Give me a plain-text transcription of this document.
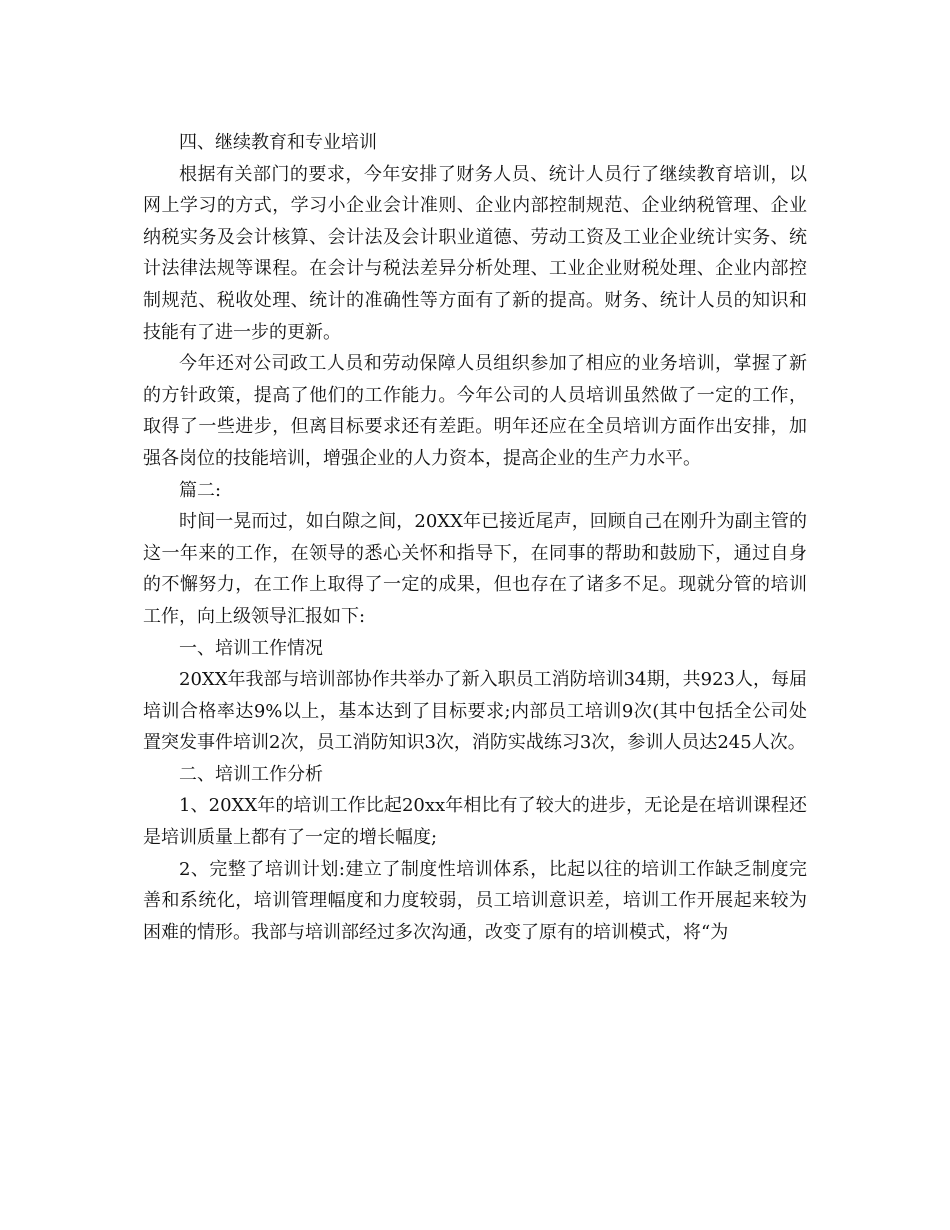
四、继续教育和专业培训

根据有关部门的要求，今年安排了财务人员、统计人员行了继续教育培训，以网上学习的方式，学习小企业会计准则、企业内部控制规范、企业纳税管理、企业纳税实务及会计核算、会计法及会计职业道德、劳动工资及工业企业统计实务、统计法律法规等课程。在会计与税法差异分析处理、工业企业财税处理、企业内部控制规范、税收处理、统计的准确性等方面有了新的提高。财务、统计人员的知识和技能有了进一步的更新。

今年还对公司政工人员和劳动保障人员组织参加了相应的业务培训，掌握了新的方针政策，提高了他们的工作能力。今年公司的人员培训虽然做了一定的工作，取得了一些进步，但离目标要求还有差距。明年还应在全员培训方面作出安排，加强各岗位的技能培训，增强企业的人力资本，提高企业的生产力水平。

篇二:

时间一晃而过，如白隙之间，20XX年已接近尾声，回顾自己在刚升为副主管的这一年来的工作，在领导的悉心关怀和指导下，在同事的帮助和鼓励下，通过自身的不懈努力，在工作上取得了一定的成果，但也存在了诸多不足。现就分管的培训工作，向上级领导汇报如下:

一、培训工作情况

20XX年我部与培训部协作共举办了新入职员工消防培训34期，共923人，每届培训合格率达9%以上，基本达到了目标要求;内部员工培训9次(其中包括全公司处置突发事件培训2次，员工消防知识3次，消防实战练习3次，参训人员达245人次。

二、培训工作分析

1、20XX年的培训工作比起20xx年相比有了较大的进步，无论是在培训课程还是培训质量上都有了一定的增长幅度;

2、完整了培训计划:建立了制度性培训体系，比起以往的培训工作缺乏制度完善和系统化，培训管理幅度和力度较弱，员工培训意识差，培训工作开展起来较为困难的情形。我部与培训部经过多次沟通，改变了原有的培训模式，将“为
